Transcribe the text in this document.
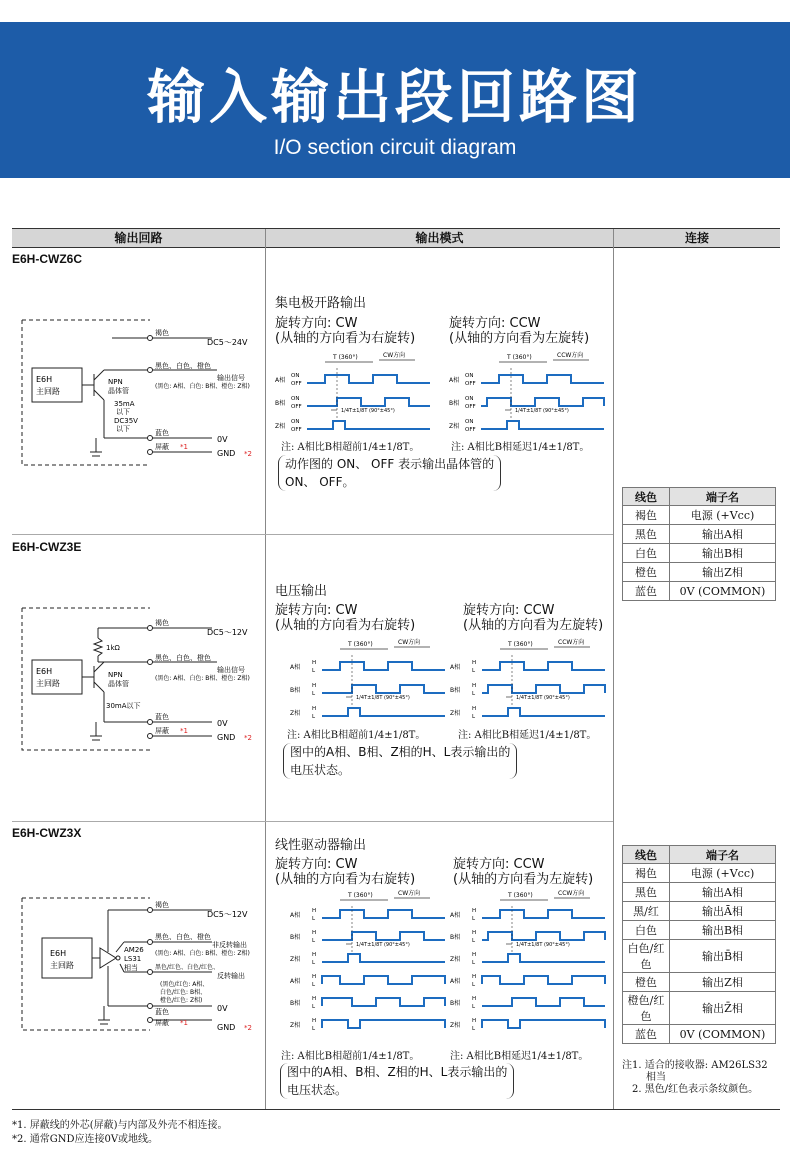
输入输出段回路图
I/O section circuit diagram
输出回路	输出模式	连接
E6H-CWZ6C
E6H-CWZ3E
E6H-CWZ3X
E6H
主回路
褐色
DC5～24V
NPN
晶体管
35mA
以下
DC35V
以下
黑色、白色、橙色
输出信号
(黑色: A相、白色: B相、橙色: Z相)
蓝色
0V
屏蔽 *1
GND *2
集电极开路输出
旋转方向: CW
(从轴的方向看为右旋转)
旋转方向: CCW
(从轴的方向看为左旋转)
T (360°)	CW方向
A相
ON
OFF
B相
ON
OFF
Z相
ON
OFF
1/4T±1/8T (90°±45°)
T (360°)	CCW方向
A相
ON
OFF
B相
ON
OFF
Z相
ON
OFF
1/4T±1/8T (90°±45°)
注: A相比B相超前1/4±1/8T。	注: A相比B相延迟1/4±1/8T。
动作图的 ON、 OFF 表示输出晶体管的
ON、 OFF。
E6H
主回路
1kΩ
褐色
DC5～12V
NPN
晶体管
30mA以下
黑色、白色、橙色
输出信号
(黑色: A相、白色: B相、橙色: Z相)
蓝色
0V
屏蔽 *1
GND *2
电压输出
旋转方向: CW
(从轴的方向看为右旋转)
旋转方向: CCW
(从轴的方向看为左旋转)
T (360°)	CW方向
A相
H
L
B相
H
L
Z相
H
L
1/4T±1/8T (90°±45°)
T (360°)	CCW方向
A相
H
L
B相
H
L
Z相
H
L
1/4T±1/8T (90°±45°)
注: A相比B相超前1/4±1/8T。	注: A相比B相延迟1/4±1/8T。
图中的A相、B相、Z相的H、L表示输出的
电压状态。
E6H
主回路
AM26
LS31
相当
褐色
DC5～12V
黑色、白色、橙色
非反转输出
(黑色: A相、白色: B相、橙色: Z相)
黑色/红色、白色/红色、
反转输出
(黑色/红色: A相、
白色/红色: B相、
橙色/红色: Z相)
蓝色	0V
屏蔽 *1	GND *2
线性驱动器输出
旋转方向: CW
(从轴的方向看为右旋转)
旋转方向: CCW
(从轴的方向看为左旋转)
T (360°)	CW方向
A相
H
L
B相
H
L
Z相
H
L
A相
H
L
B相
H
L
Z相
H
L
1/4T±1/8T (90°±45°)
T (360°)	CCW方向
A相
H
L
B相
H
L
Z相
H
L
A相
H
L
B相
H
L
Z相
H
L
1/4T±1/8T (90°±45°)
注: A相比B相超前1/4±1/8T。	注: A相比B相延迟1/4±1/8T。
图中的A相、B相、Z相的H、L表示输出的
电压状态。
线色	端子名
褐色	电源 (+Vcc)
黑色	输出A相
白色	输出B相
橙色	输出Z相
蓝色	0V (COMMON)
线色	端子名
褐色	电源 (+Vcc)
黑色	输出A相
黑/红	输出Ā相
白色	输出B相
白色/红色	输出B̄相
橙色	输出Z相
橙色/红色	输出Z̄相
蓝色	0V (COMMON)
注1. 适合的接收器: AM26LS32
相当
2. 黑色/红色表示条纹颜色。
*1. 屏蔽线的外芯(屏蔽)与内部及外壳不相连接。
*2. 通常GND应连接0V或地线。
